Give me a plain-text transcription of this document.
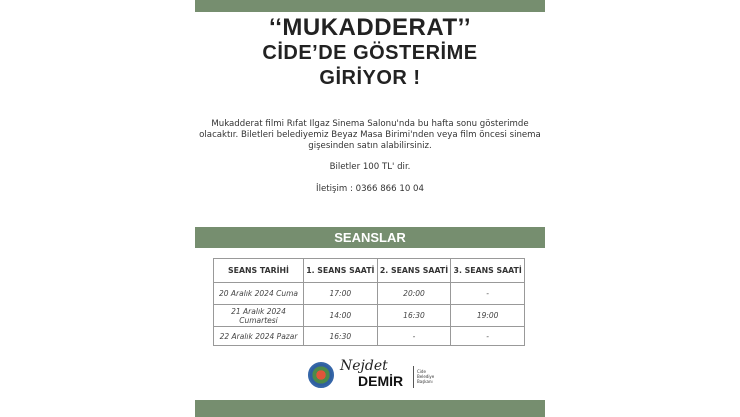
‘‘MUKADDERAT’’
CİDE’DE GÖSTERİME
GİRİYOR !
Mukadderat filmi Rıfat Ilgaz Sinema Salonu'nda bu hafta sonu gösterimde olacaktır. Biletleri belediyemiz Beyaz Masa Birimi'nden veya film öncesi sinema gişesinden satın alabilirsiniz.
Biletler 100 TL' dir.
İletişim : 0366 866 10 04
SEANSLAR
SEANS TARİHİ	1. SEANS SAATİ	2. SEANS SAATİ	3. SEANS SAATİ
20 Aralık 2024 Cuma	17:00	20:00	-
21 Aralık 2024 Cumartesi	14:00	16:30	19:00
22 Aralık 2024 Pazar	16:30	-	-
Nejdet
DEMİR
Cide Belediye Başkanı
